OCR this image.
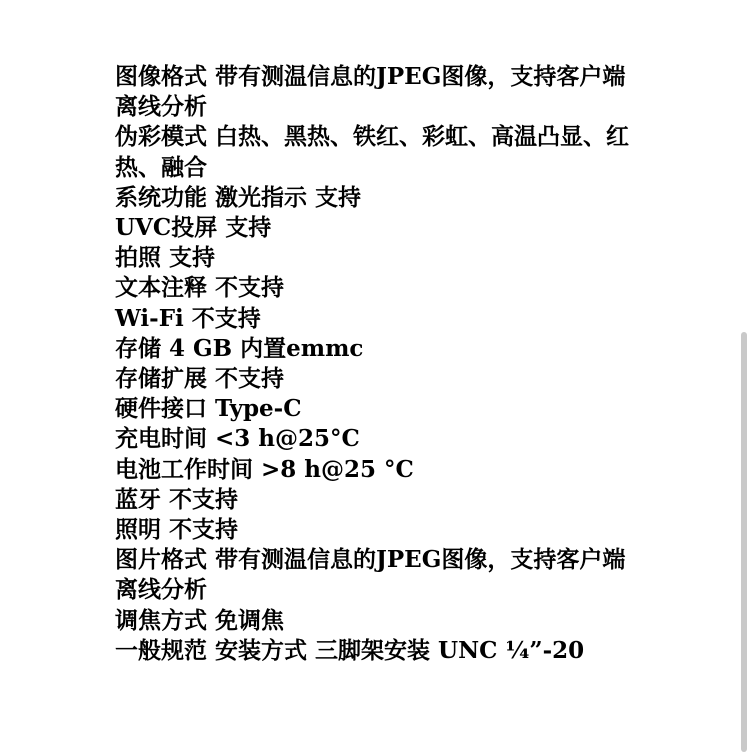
图像格式 带有测温信息的JPEG图像，支持客户端离线分析
伪彩模式 白热、黑热、铁红、彩虹、高温凸显、红热、融合
系统功能 激光指示 支持
UVC投屏 支持
拍照 支持
文本注释 不支持
Wi-Fi 不支持
存储 4 GB 内置emmc
存储扩展 不支持
硬件接口 Type-C
充电时间 <3 h@25°C
电池工作时间 >8 h@25 °C
蓝牙 不支持
照明 不支持
图片格式 带有测温信息的JPEG图像，支持客户端离线分析
调焦方式 免调焦
一般规范 安装方式 三脚架安装 UNC ¼”-20
